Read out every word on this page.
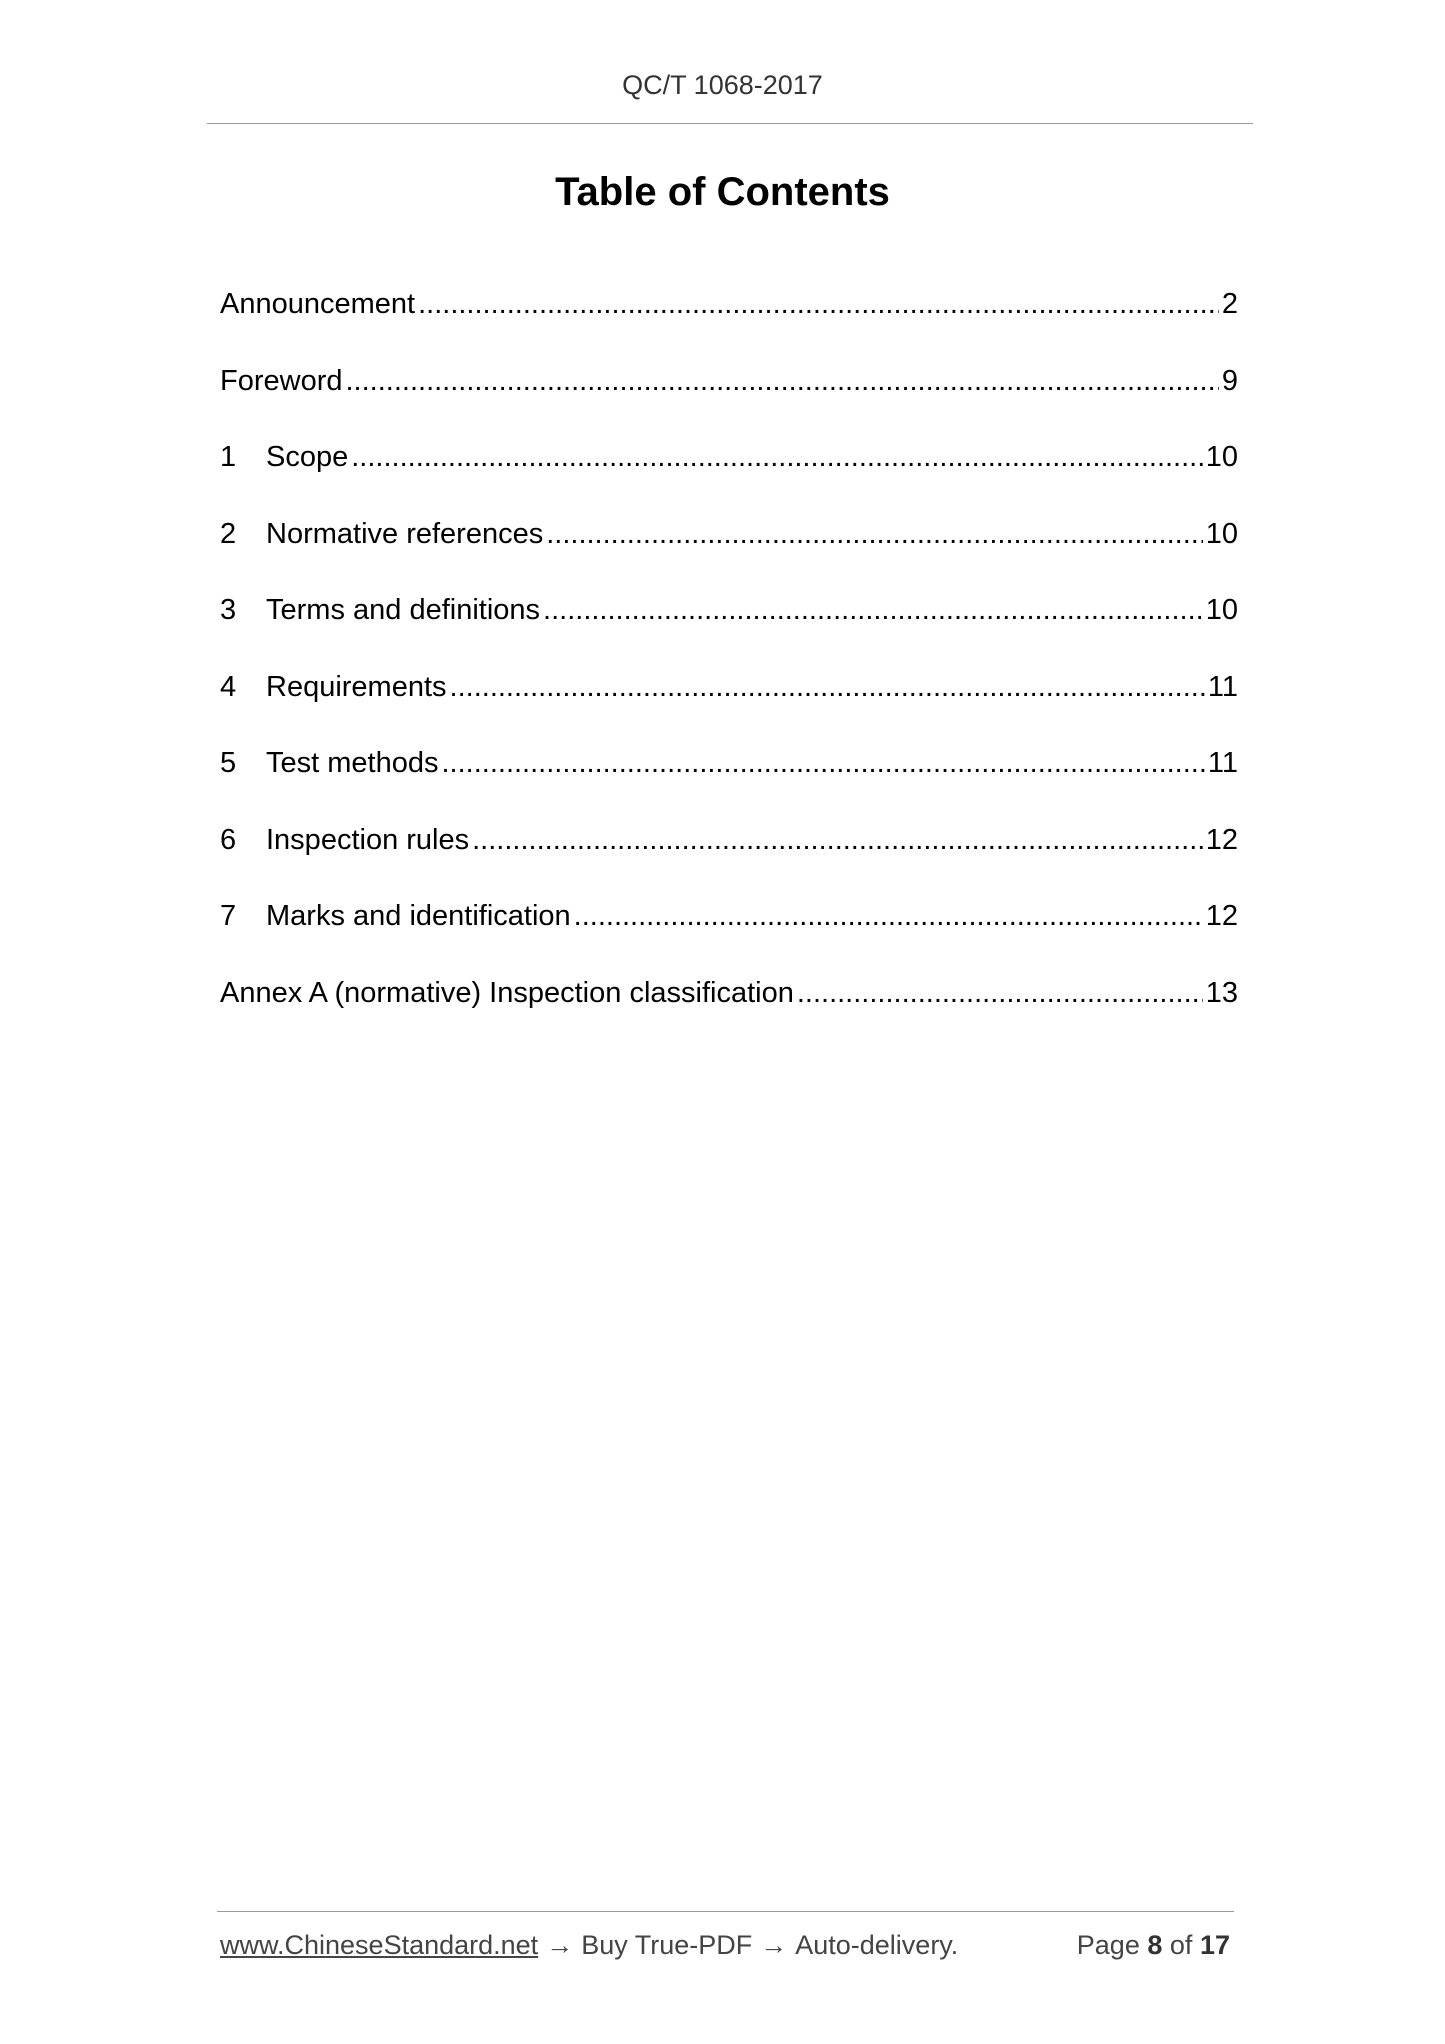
QC/T 1068-2017
Table of Contents
Announcement .....	2
Foreword .....	9
1	Scope .....	10
2	Normative references .....	10
3	Terms and definitions .....	10
4	Requirements .....	11
5	Test methods .....	11
6	Inspection rules .....	12
7	Marks and identification .....	12
Annex A (normative) Inspection classification .....	13
www.ChineseStandard.net → Buy True-PDF → Auto-delivery.	Page 8 of 17
